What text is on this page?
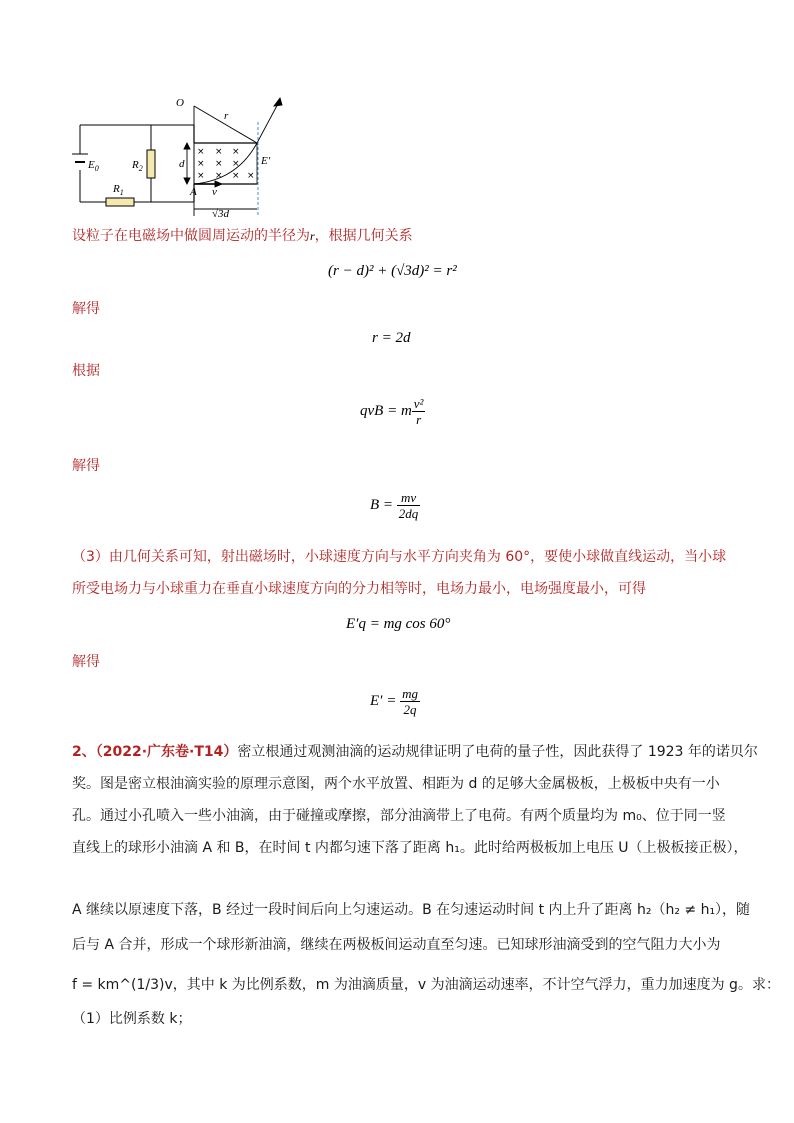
$E_0$	$R_2$
$R_1$
× × ×
× × ×
× × × ×
O
r
d	E′
A v
√3d
设粒子在电磁场中做圆周运动的半径为r，根据几何关系
(r − d)² + (√3d)² = r²
解得
r = 2d
根据
qvB = m $\frac{\text{v²}}{r}$
解得
$B = \frac{mv}{2dq}$
（3）由几何关系可知，射出磁场时，小球速度方向与水平方向夹角为 60°，要使小球做直线运动，当小球
所受电场力与小球重力在垂直小球速度方向的分力相等时，电场力最小，电场强度最小，可得
E′q = mg cos 60°
解得
$E' = \frac{mg}{2q}$
2、（2022·广东卷·T14）密立根通过观测油滴的运动规律证明了电荷的量子性，因此获得了 1923 年的诺贝尔
奖。图是密立根油滴实验的原理示意图，两个水平放置、相距为 d 的足够大金属极板，上极板中央有一小
孔。通过小孔喷入一些小油滴，由于碰撞或摩擦，部分油滴带上了电荷。有两个质量均为 m₀、位于同一竖
直线上的球形小油滴 A 和 B，在时间 t 内都匀速下落了距离 h₁。此时给两极板加上电压 U（上极板接正极），
A 继续以原速度下落，B 经过一段时间后向上匀速运动。B 在匀速运动时间 t 内上升了距离 h₂（h₂ ≠ h₁），随
后与 A 合并，形成一个球形新油滴，继续在两极板间运动直至匀速。已知球形油滴受到的空气阻力大小为
f = km^(1/3)v，其中 k 为比例系数，m 为油滴质量，v 为油滴运动速率，不计空气浮力，重力加速度为 g。求：
（1）比例系数 k；
